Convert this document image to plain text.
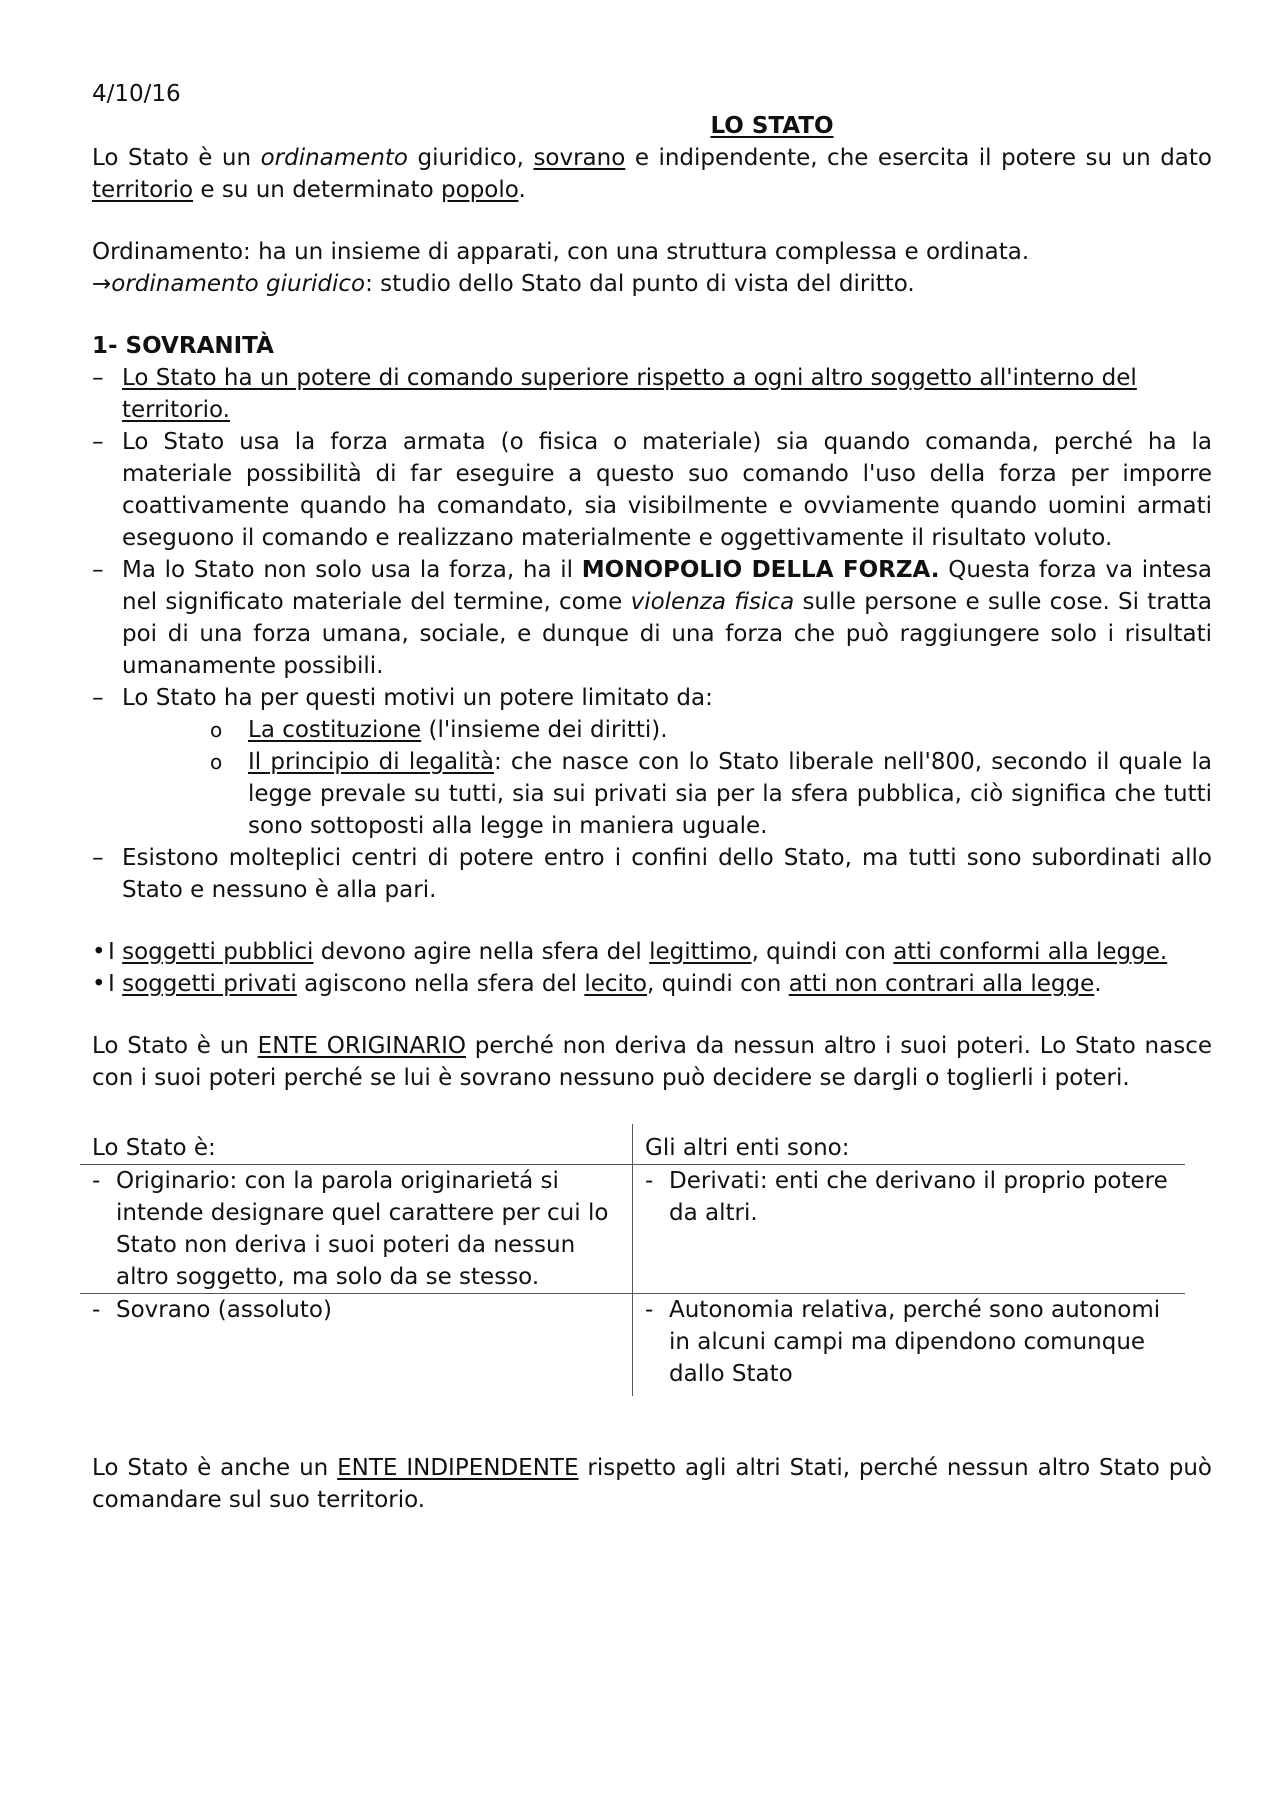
4/10/16

LO STATO

Lo Stato è un ordinamento giuridico, sovrano e indipendente, che esercita il potere su un dato territorio e su un determinato popolo.

Ordinamento: ha un insieme di apparati, con una struttura complessa e ordinata.

→ordinamento giuridico: studio dello Stato dal punto di vista del diritto.

1- SOVRANITÀ

– Lo Stato ha un potere di comando superiore rispetto a ogni altro soggetto all'interno del territorio.
– Lo Stato usa la forza armata (o fisica o materiale) sia quando comanda, perché ha la materiale possibilità di far eseguire a questo suo comando l'uso della forza per imporre coattivamente quando ha comandato, sia visibilmente e ovviamente quando uomini armati eseguono il comando e realizzano materialmente e oggettivamente il risultato voluto.
– Ma lo Stato non solo usa la forza, ha il MONOPOLIO DELLA FORZA. Questa forza va intesa nel significato materiale del termine, come violenza fisica sulle persone e sulle cose. Si tratta poi di una forza umana, sociale, e dunque di una forza che può raggiungere solo i risultati umanamente possibili.
– Lo Stato ha per questi motivi un potere limitato da:
o La costituzione (l'insieme dei diritti).
o Il principio di legalità: che nasce con lo Stato liberale nell'800, secondo il quale la legge prevale su tutti, sia sui privati sia per la sfera pubblica, ciò significa che tutti sono sottoposti alla legge in maniera uguale.
– Esistono molteplici centri di potere entro i confini dello Stato, ma tutti sono subordinati allo Stato e nessuno è alla pari.
• I soggetti pubblici devono agire nella sfera del legittimo, quindi con atti conformi alla legge.
• I soggetti privati agiscono nella sfera del lecito, quindi con atti non contrari alla legge.

Lo Stato è un ENTE ORIGINARIO perché non deriva da nessun altro i suoi poteri. Lo Stato nasce con i suoi poteri perché se lui è sovrano nessuno può decidere se dargli o toglierli i poteri.

Lo Stato è:	Gli altri enti sono:

- Originario: con la parola originarietá si intende designare quel carattere per cui lo Stato non deriva i suoi poteri da nessun altro soggetto, ma solo da se stesso.	- Derivati: enti che derivano il proprio potere da altri.

- Sovrano (assoluto)	- Autonomia relativa, perché sono autonomi in alcuni campi ma dipendono comunque dallo Stato

Lo Stato è anche un ENTE INDIPENDENTE rispetto agli altri Stati, perché nessun altro Stato può comandare sul suo territorio.
